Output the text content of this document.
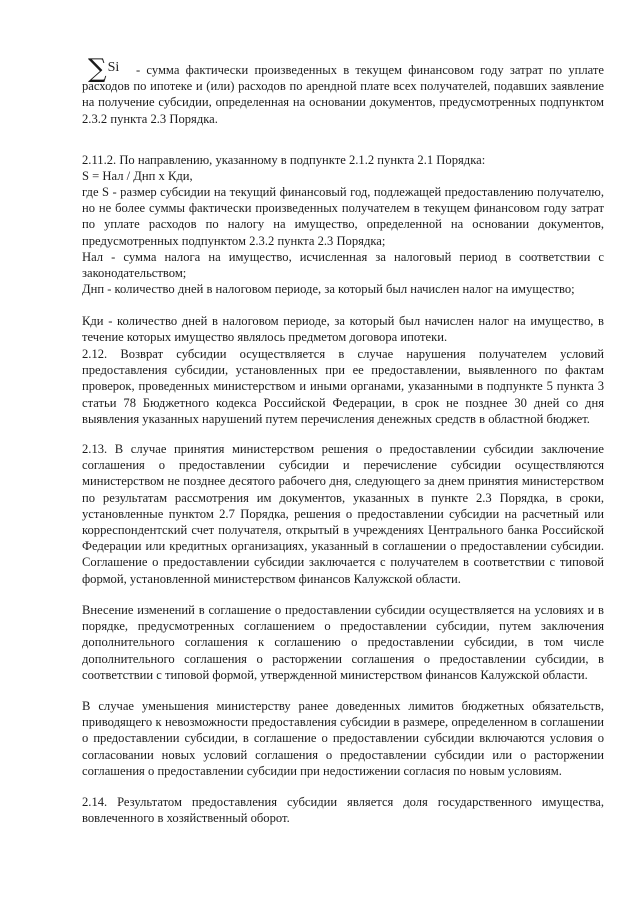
∑Si	- сумма фактически произведенных в текущем финансовом году затрат по уплате расходов по ипотеке и (или) расходов по арендной плате всех получателей, подавших заявление на получение субсидии, определенная на основании документов, предусмотренных подпунктом 2.3.2 пункта 2.3 Порядка.

2.11.2. По направлению, указанному в подпункте 2.1.2 пункта 2.1 Порядка:

S = Нал / Днп х Кди,

где S - размер субсидии на текущий финансовый год, подлежащей предоставлению получателю, но не более суммы фактически произведенных получателем в текущем финансовом году затрат по уплате расходов по налогу на имущество, определенной на основании документов, предусмотренных подпунктом 2.3.2 пункта 2.3 Порядка;

Нал - сумма налога на имущество, исчисленная за налоговый период в соответствии с законодательством;

Днп - количество дней в налоговом периоде, за который был начислен налог на имущество;

Кди - количество дней в налоговом периоде, за который был начислен налог на имущество, в течение которых имущество являлось предметом договора ипотеки.

2.12. Возврат субсидии осуществляется в случае нарушения получателем условий предоставления субсидии, установленных при ее предоставлении, выявленного по фактам проверок, проведенных министерством и иными органами, указанными в подпункте 5 пункта 3 статьи 78 Бюджетного кодекса Российской Федерации, в срок не позднее 30 дней со дня выявления указанных нарушений путем перечисления денежных средств в областной бюджет.

2.13. В случае принятия министерством решения о предоставлении субсидии заключение соглашения о предоставлении субсидии и перечисление субсидии осуществляются министерством не позднее десятого рабочего дня, следующего за днем принятия министерством по результатам рассмотрения им документов, указанных в пункте 2.3 Порядка, в сроки, установленные пунктом 2.7 Порядка, решения о предоставлении субсидии на расчетный или корреспондентский счет получателя, открытый в учреждениях Центрального банка Российской Федерации или кредитных организациях, указанный в соглашении о предоставлении субсидии. Соглашение о предоставлении субсидии заключается с получателем в соответствии с типовой формой, установленной министерством финансов Калужской области.

Внесение изменений в соглашение о предоставлении субсидии осуществляется на условиях и в порядке, предусмотренных соглашением о предоставлении субсидии, путем заключения дополнительного соглашения к соглашению о предоставлении субсидии, в том числе дополнительного соглашения о расторжении соглашения о предоставлении субсидии, в соответствии с типовой формой, утвержденной министерством финансов Калужской области.

В случае уменьшения министерству ранее доведенных лимитов бюджетных обязательств, приводящего к невозможности предоставления субсидии в размере, определенном в соглашении о предоставлении субсидии, в соглашение о предоставлении субсидии включаются условия о согласовании новых условий соглашения о предоставлении субсидии или о расторжении соглашения о предоставлении субсидии при недостижении согласия по новым условиям.

2.14. Результатом предоставления субсидии является доля государственного имущества, вовлеченного в хозяйственный оборот.
